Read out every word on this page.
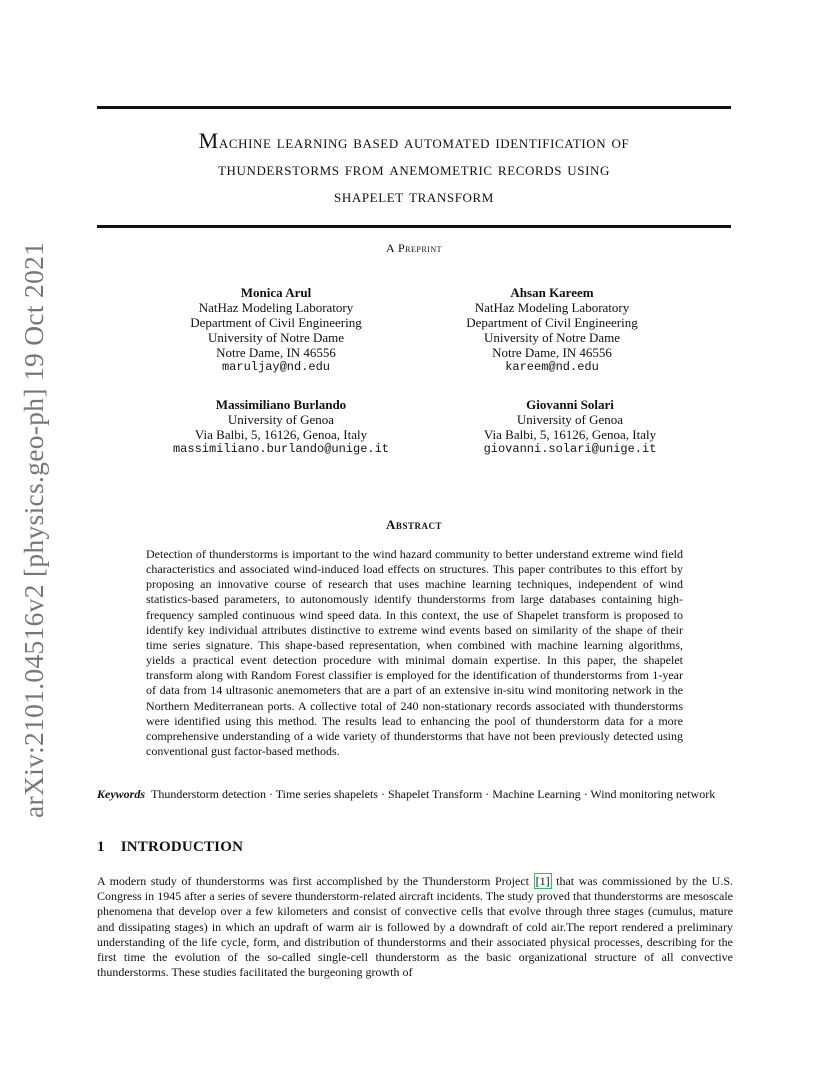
arXiv:2101.04516v2 [physics.geo-ph] 19 Oct 2021
Machine learning based automated identification of
thunderstorms from anemometric records using
shapelet transform
A Preprint
Monica Arul
NatHaz Modeling Laboratory
Department of Civil Engineering
University of Notre Dame
Notre Dame, IN 46556
maruljay@nd.edu
Ahsan Kareem
NatHaz Modeling Laboratory
Department of Civil Engineering
University of Notre Dame
Notre Dame, IN 46556
kareem@nd.edu
Massimiliano Burlando
University of Genoa
Via Balbi, 5, 16126, Genoa, Italy
massimiliano.burlando@unige.it
Giovanni Solari
University of Genoa
Via Balbi, 5, 16126, Genoa, Italy
giovanni.solari@unige.it
Abstract

Detection of thunderstorms is important to the wind hazard community to better understand extreme wind field characteristics and associated wind-induced load effects on structures. This paper contributes to this effort by proposing an innovative course of research that uses machine learning techniques, independent of wind statistics-based parameters, to autonomously identify thunderstorms from large databases containing high-frequency sampled continuous wind speed data. In this context, the use of Shapelet transform is proposed to identify key individual attributes distinctive to extreme wind events based on similarity of the shape of their time series signature. This shape-based representation, when combined with machine learning algorithms, yields a practical event detection procedure with minimal domain expertise. In this paper, the shapelet transform along with Random Forest classifier is employed for the identification of thunderstorms from 1-year of data from 14 ultrasonic anemometers that are a part of an extensive in-situ wind monitoring network in the Northern Mediterranean ports. A collective total of 240 non-stationary records associated with thunderstorms were identified using this method. The results lead to enhancing the pool of thunderstorm data for a more comprehensive understanding of a wide variety of thunderstorms that have not been previously detected using conventional gust factor-based methods.

Keywords Thunderstorm detection · Time series shapelets · Shapelet Transform · Machine Learning · Wind monitoring network

1 INTRODUCTION

A modern study of thunderstorms was first accomplished by the Thunderstorm Project [1] that was commissioned by the U.S. Congress in 1945 after a series of severe thunderstorm-related aircraft incidents. The study proved that thunderstorms are mesoscale phenomena that develop over a few kilometers and consist of convective cells that evolve through three stages (cumulus, mature and dissipating stages) in which an updraft of warm air is followed by a downdraft of cold air.The report rendered a preliminary understanding of the life cycle, form, and distribution of thunderstorms and their associated physical processes, describing for the first time the evolution of the so-called single-cell thunderstorm as the basic organizational structure of all convective thunderstorms. These studies facilitated the burgeoning growth of
